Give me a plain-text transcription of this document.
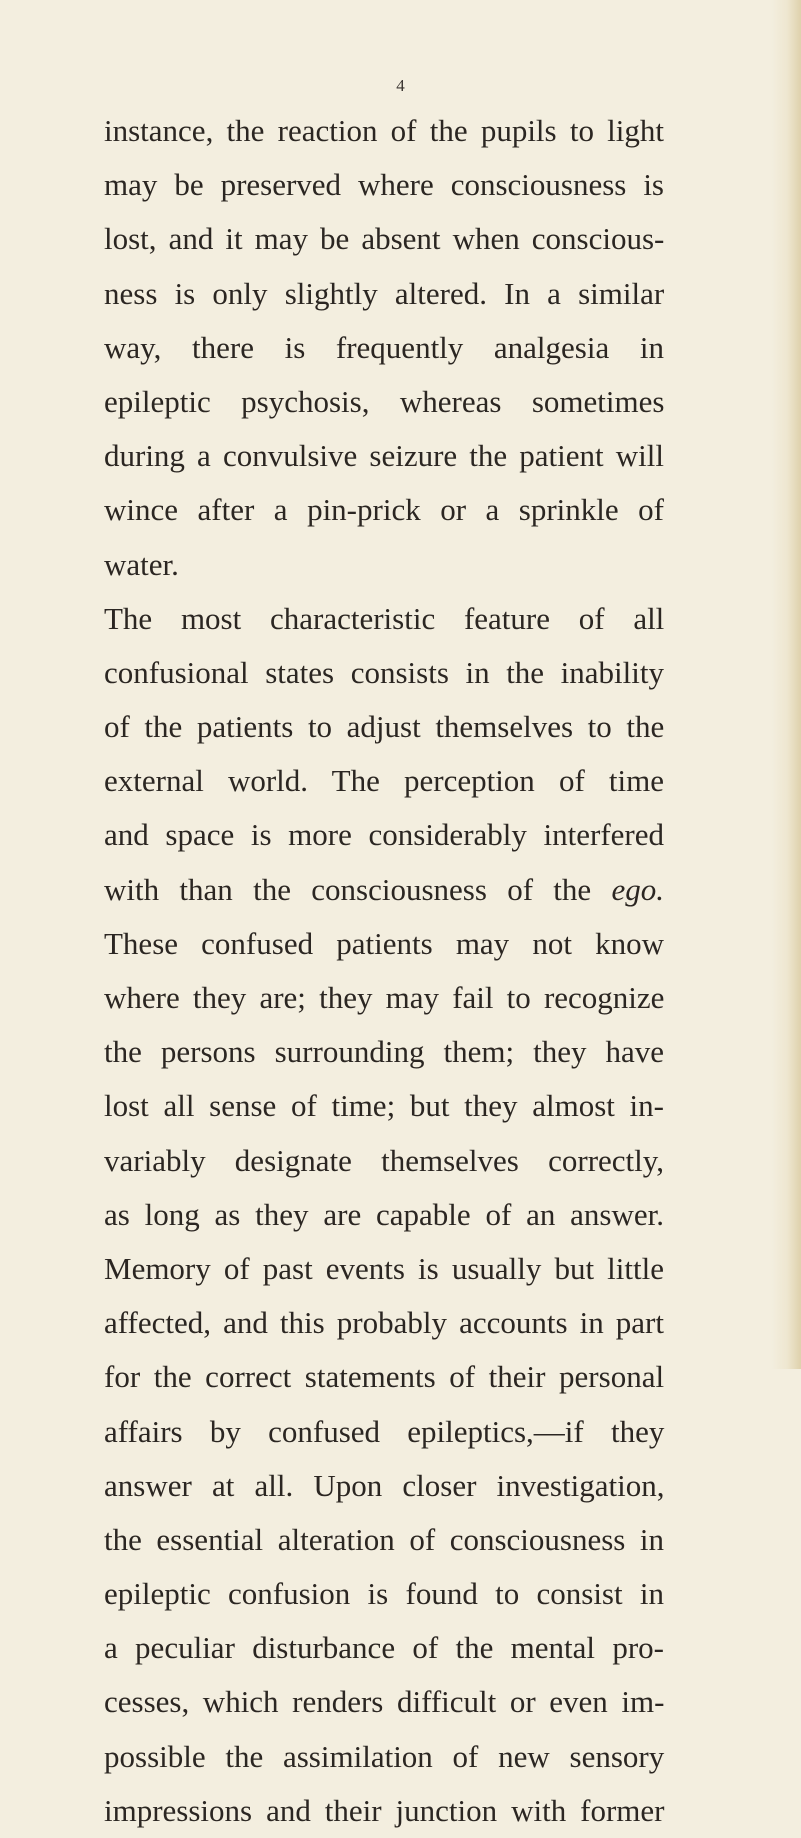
4
instance, the reaction of the pupils to light
may be preserved where consciousness is
lost, and it may be absent when conscious-
ness is only slightly altered. In a similar
way, there is frequently analgesia in
epileptic psychosis, whereas sometimes
during a convulsive seizure the patient will
wince after a pin-prick or a sprinkle of
water.
The most characteristic feature of all
confusional states consists in the inability
of the patients to adjust themselves to the
external world. The perception of time
and space is more considerably interfered
with than the consciousness of the ego.
These confused patients may not know
where they are; they may fail to recognize
the persons surrounding them; they have
lost all sense of time; but they almost in-
variably designate themselves correctly,
as long as they are capable of an answer.
Memory of past events is usually but little
affected, and this probably accounts in part
for the correct statements of their personal
affairs by confused epileptics,—if they
answer at all. Upon closer investigation,
the essential alteration of consciousness in
epileptic confusion is found to consist in
a peculiar disturbance of the mental pro-
cesses, which renders difficult or even im-
possible the assimilation of new sensory
impressions and their junction with former
